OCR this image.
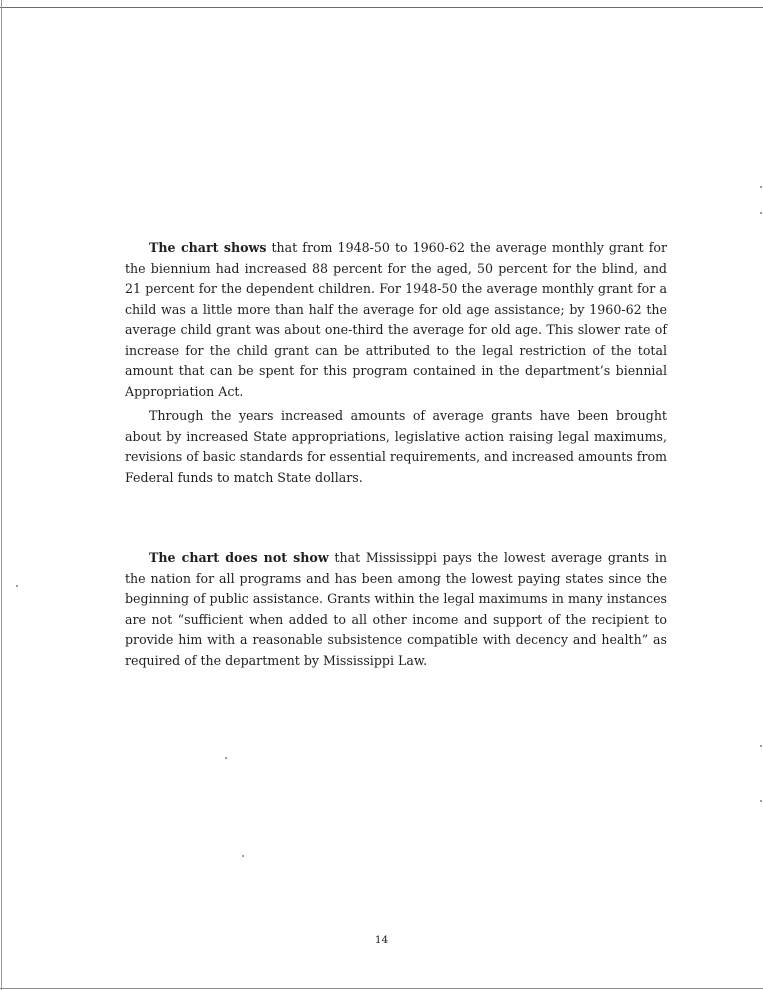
The chart shows that from 1948-50 to 1960-62 the average monthly grant for the biennium had increased 88 percent for the aged, 50 percent for the blind, and 21 percent for the dependent children. For 1948-50 the average monthly grant for a child was a little more than half the average for old age assistance; by 1960-62 the average child grant was about one-third the average for old age. This slower rate of increase for the child grant can be attributed to the legal restriction of the total amount that can be spent for this program contained in the department’s biennial Appropriation Act.

Through the years increased amounts of average grants have been brought about by increased State appropriations, legislative action raising legal maximums, revisions of basic standards for essential requirements, and increased amounts from Federal funds to match State dollars.

The chart does not show that Mississippi pays the lowest average grants in the nation for all programs and has been among the lowest paying states since the beginning of public assistance. Grants within the legal maximums in many instances are not “sufficient when added to all other income and support of the recipient to provide him with a reasonable subsistence compatible with decency and health” as required of the department by Mississippi Law.

14
